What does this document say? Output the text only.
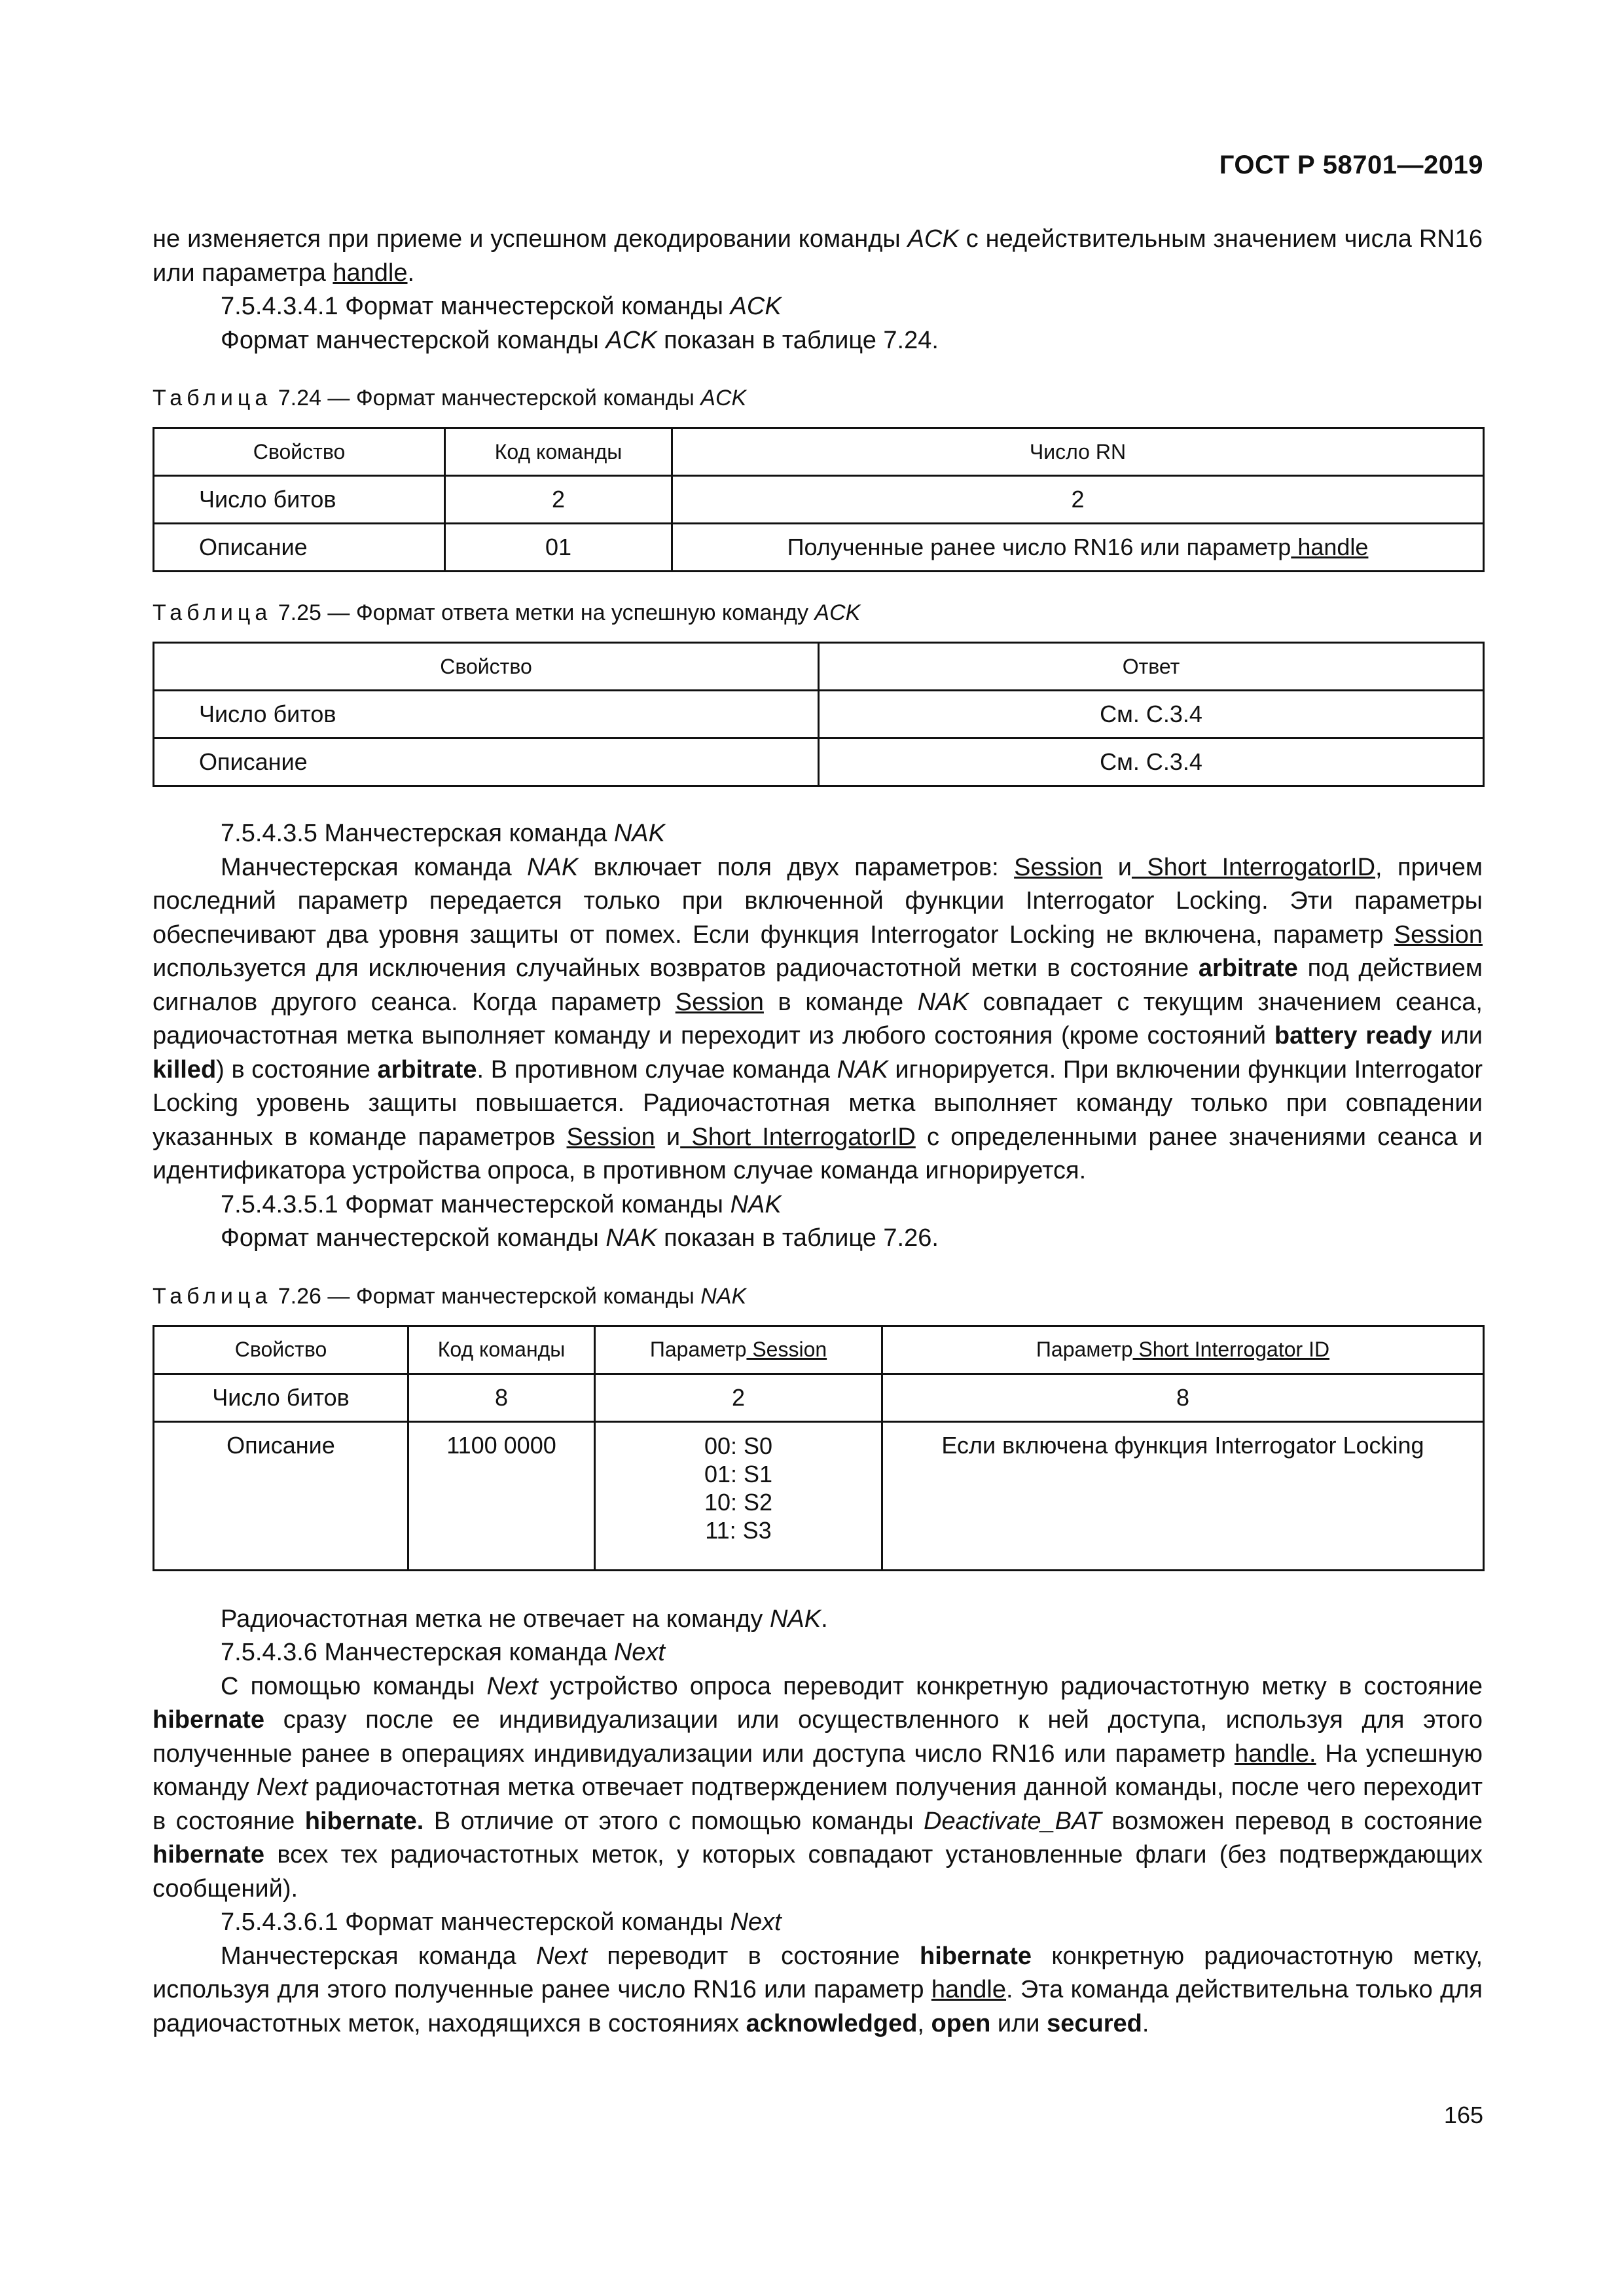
ГОСТ Р 58701—2019

не изменяется при приеме и успешном декодировании команды ACK с недействительным значением числа RN16 или параметра handle.

7.5.4.3.4.1 Формат манчестерской команды ACK

Формат манчестерской команды ACK показан в таблице 7.24.

Таблица 7.24 — Формат манчестерской команды ACK

Свойство	Код команды	Число RN
Число битов	2	2
Описание	01	Полученные ранее число RN16 или параметр handle

Таблица 7.25 — Формат ответа метки на успешную команду ACK

Свойство	Ответ
Число битов	См. С.3.4
Описание	См. С.3.4

7.5.4.3.5 Манчестерская команда NAK

Манчестерская команда NAK включает поля двух параметров: Session и Short InterrogatorID, причем последний параметр передается только при включенной функции Interrogator Locking. Эти параметры обеспечивают два уровня защиты от помех. Если функция Interrogator Locking не включена, параметр Session используется для исключения случайных возвратов радиочастотной метки в состояние arbitrate под действием сигналов другого сеанса. Когда параметр Session в команде NAK совпадает с текущим значением сеанса, радиочастотная метка выполняет команду и переходит из любого состояния (кроме состояний battery ready или killed) в состояние arbitrate. В противном случае команда NAK игнорируется. При включении функции Interrogator Locking уровень защиты повышается. Радиочастотная метка выполняет команду только при совпадении указанных в команде параметров Session и Short InterrogatorID с определенными ранее значениями сеанса и идентификатора устройства опроса, в противном случае команда игнорируется.

7.5.4.3.5.1 Формат манчестерской команды NAK

Формат манчестерской команды NAK показан в таблице 7.26.

Таблица 7.26 — Формат манчестерской команды NAK

Свойство	Код команды	Параметр Session	Параметр Short Interrogator ID
Число битов	8	2	8
Описание	1100 0000	00: S0
01: S1
10: S2
11: S3	Если включена функция Interrogator Locking

Радиочастотная метка не отвечает на команду NAK.

7.5.4.3.6 Манчестерская команда Next

С помощью команды Next устройство опроса переводит конкретную радиочастотную метку в состояние hibernate сразу после ее индивидуализации или осуществленного к ней доступа, используя для этого полученные ранее в операциях индивидуализации или доступа число RN16 или параметр handle. На успешную команду Next радиочастотная метка отвечает подтверждением получения данной команды, после чего переходит в состояние hibernate. В отличие от этого с помощью команды Deactivate_BAT возможен перевод в состояние hibernate всех тех радиочастотных меток, у которых совпадают установленные флаги (без подтверждающих сообщений).

7.5.4.3.6.1 Формат манчестерской команды Next

Манчестерская команда Next переводит в состояние hibernate конкретную радиочастотную метку, используя для этого полученные ранее число RN16 или параметр handle. Эта команда действительна только для радиочастотных меток, находящихся в состояниях acknowledged, open или secured.

165
